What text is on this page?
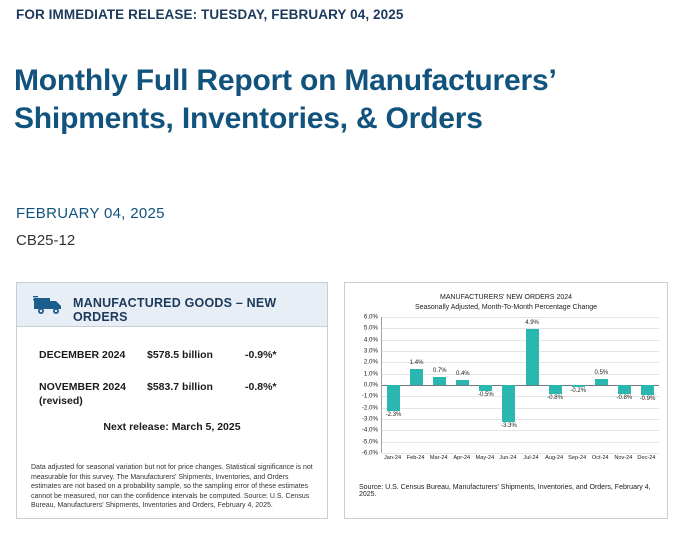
FOR IMMEDIATE RELEASE: TUESDAY, FEBRUARY 04, 2025
Monthly Full Report on Manufacturers’ Shipments, Inventories, & Orders
FEBRUARY 04, 2025
CB25-12
MANUFACTURED GOODS – NEW ORDERS
DECEMBER 2024 $578.5 billion	-0.9%*
NOVEMBER 2024
(revised)
$583.7 billion	-0.8%*
Next release: March 5, 2025
Data adjusted for seasonal variation but not for price changes. Statistical significance is not measurable for this survey. The Manufacturers' Shipments, Inventories, and Orders estimates are not based on a probability sample, so the sampling error of these estimates cannot be measured, nor can the confidence intervals be computed. Source: U.S. Census Bureau, Manufacturers' Shipments, Inventories and Orders, February 4, 2025.
MANUFACTURERS' NEW ORDERS 2024
Seasonally Adjusted, Month-To-Month Percentage Change
6.0%
5.0%
4.0%
3.0%
2.0%
1.0%
0.0%
-1.0%
-2.0%
-3.0%
-4.0%
-5.0%
-6.0%
-2.3%
1.4%
0.7%
0.4%
-0.5%
-3.3%
4.9%
-0.8%
-0.2%
0.5%
-0.8% -0.9%
Jan-24 Feb-24 Mar-24 Apr-24 May-24 Jun-24 Jul-24 Aug-24 Sep-24 Oct-24 Nov-24 Dec-24
Source: U.S. Census Bureau, Manufacturers' Shipments, Inventories, and Orders, February 4, 2025.
